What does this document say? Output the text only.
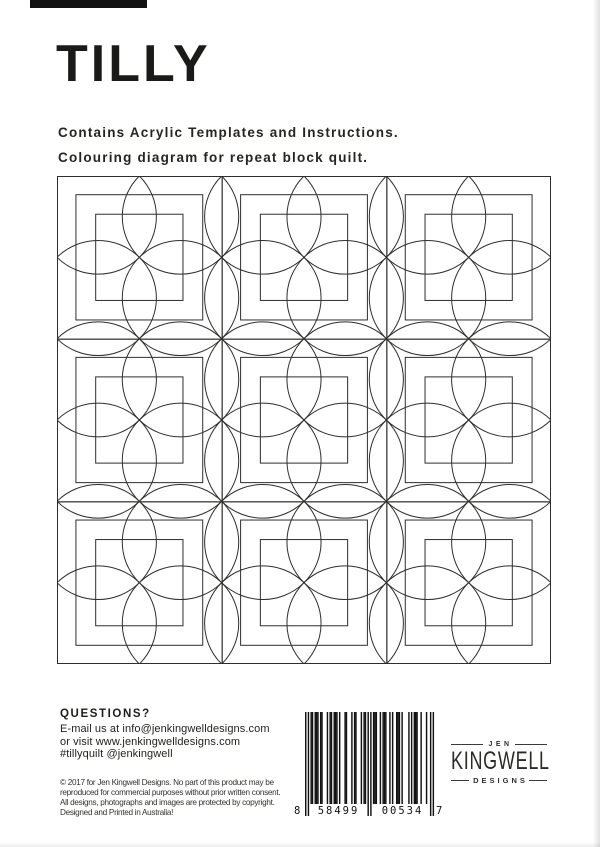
TILLY
Contains Acrylic Templates and Instructions.
Colouring diagram for repeat block quilt.
QUESTIONS?
E-mail us at info@jenkingwelldesigns.com
or visit www.jenkingwelldesigns.com
#tillyquilt @jenkingwell
© 2017 for Jen Kingwell Designs. No part of this product may be
reproduced for commercial purposes without prior written consent.
All designs, photographs and images are protected by copyright.
Designed and Printed in Australia!	8	58499	00534	7
JEN
KINGWELL
DESIGNS
